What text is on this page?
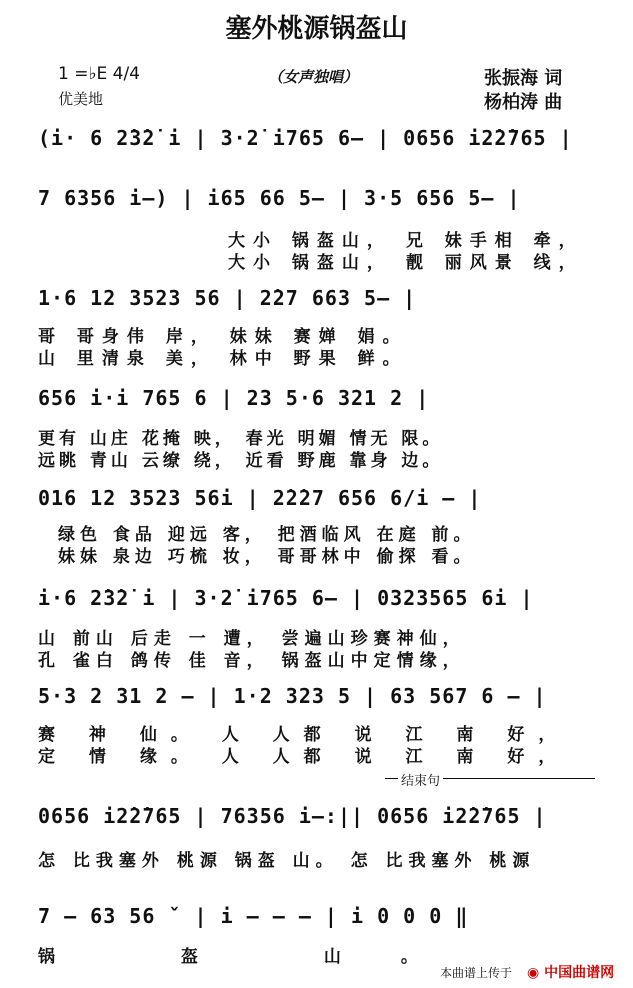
塞外桃源锅盔山
1 =♭E 4/4
优美地
（女声独唱）	张振海 词
杨柏涛 曲
(i· 6 2̇3̇2̇ i | 3·2̇ i765 6— | 0656 i2̇2̇765 |
7 6356 i—) | i65 66 5— | 3·5 656 5— |
大小 锅盔山， 兄 妹手相 牵，
大小 锅盔山， 靓 丽风景 线，
1·6 12 3523 56 | 2̇27 663 5— |
哥 哥身伟 岸， 妹妹 赛婵 娟。
山 里清泉 美， 林中 野果 鲜。
656 i·i 765 6 | 23 5·6 321 2 |
更有 山庄 花掩 映， 春光 明媚 情无 限。
远眺 青山 云缭 绕， 近看 野鹿 靠身 边。
016 12 3523 56i | 2̇2̇27 656 6/i — |
绿色 食品 迎远 客， 把酒临风 在庭 前。
妹妹 泉边 巧梳 妆， 哥哥林中 偷探 看。
i·6 2̇3̇2̇ i | 3·2̇ i765 6— | 0323565 6i |
山 前山 后走 一 遭， 尝遍山珍赛神仙，
孔 雀白 鸽传 佳 音， 锅盔山中定情缘，
5·3 2 31 2 — | 1·2 323 5 | 63 567 6 — |
赛 神 仙。 人 人都 说 江 南 好，
定 情 缘。 人 人都 说 江 南 好，
结束句
0656 i2̇2̇765 | 76356 i—:|| 0656 i2̇2̇765 |
怎 比我塞外 桃源 锅盔 山。 怎 比我塞外 桃源
7 — 63 56 ˇ | i — — — | i 0 0 0 ‖
锅 盔 山。
本曲谱上传于 ◉ 中国曲谱网
